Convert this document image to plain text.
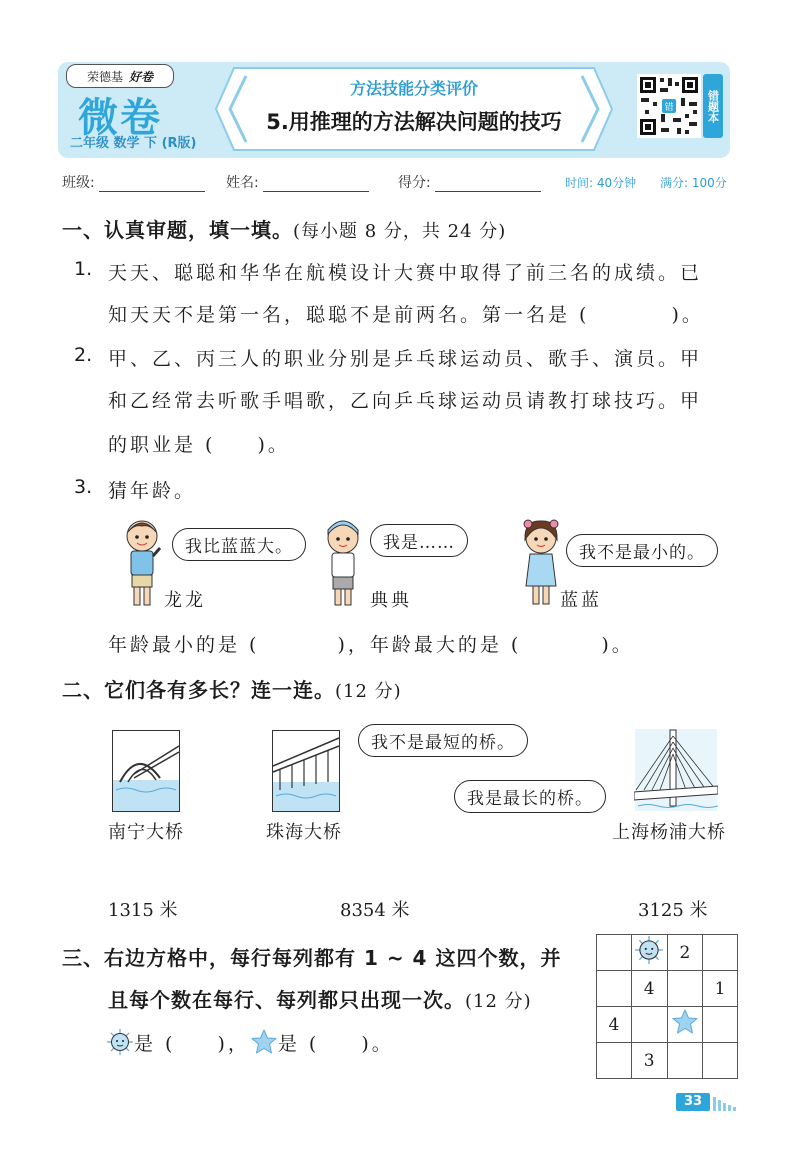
荣德基 好卷
微卷
二年级 数学 下 (R版)
方法技能分类评价
5.用推理的方法解决问题的技巧
错	错题本
班级:	姓名:	得分:	时间: 40分钟 满分: 100分
一、认真审题，填一填。(每小题 8 分，共 24 分)
1. 天天、聪聪和华华在航模设计大赛中取得了前三名的成绩。已
知天天不是第一名，聪聪不是前两名。第一名是 (	)。
2. 甲、乙、丙三人的职业分别是乒乓球运动员、歌手、演员。甲
和乙经常去听歌手唱歌，乙向乒乓球运动员请教打球技巧。甲
的职业是 ( )。
3. 猜年龄。
我比蓝蓝大。
龙龙
我是……
典典
我不是最小的。
蓝蓝
年龄最小的是 (	)，年龄最大的是 (	)。
二、它们各有多长？连一连。(12 分)
南宁大桥	珠海大桥
我不是最短的桥。
我是最长的桥。
上海杨浦大桥
1315 米	8354 米	3125 米
三、右边方格中，每行每列都有 1 ~ 4 这四个数，并
且每个数在每行、每列都只出现一次。(12 分)
是 ( )， 是 ( )。
		2	
	4		1
4			
	3		
33
